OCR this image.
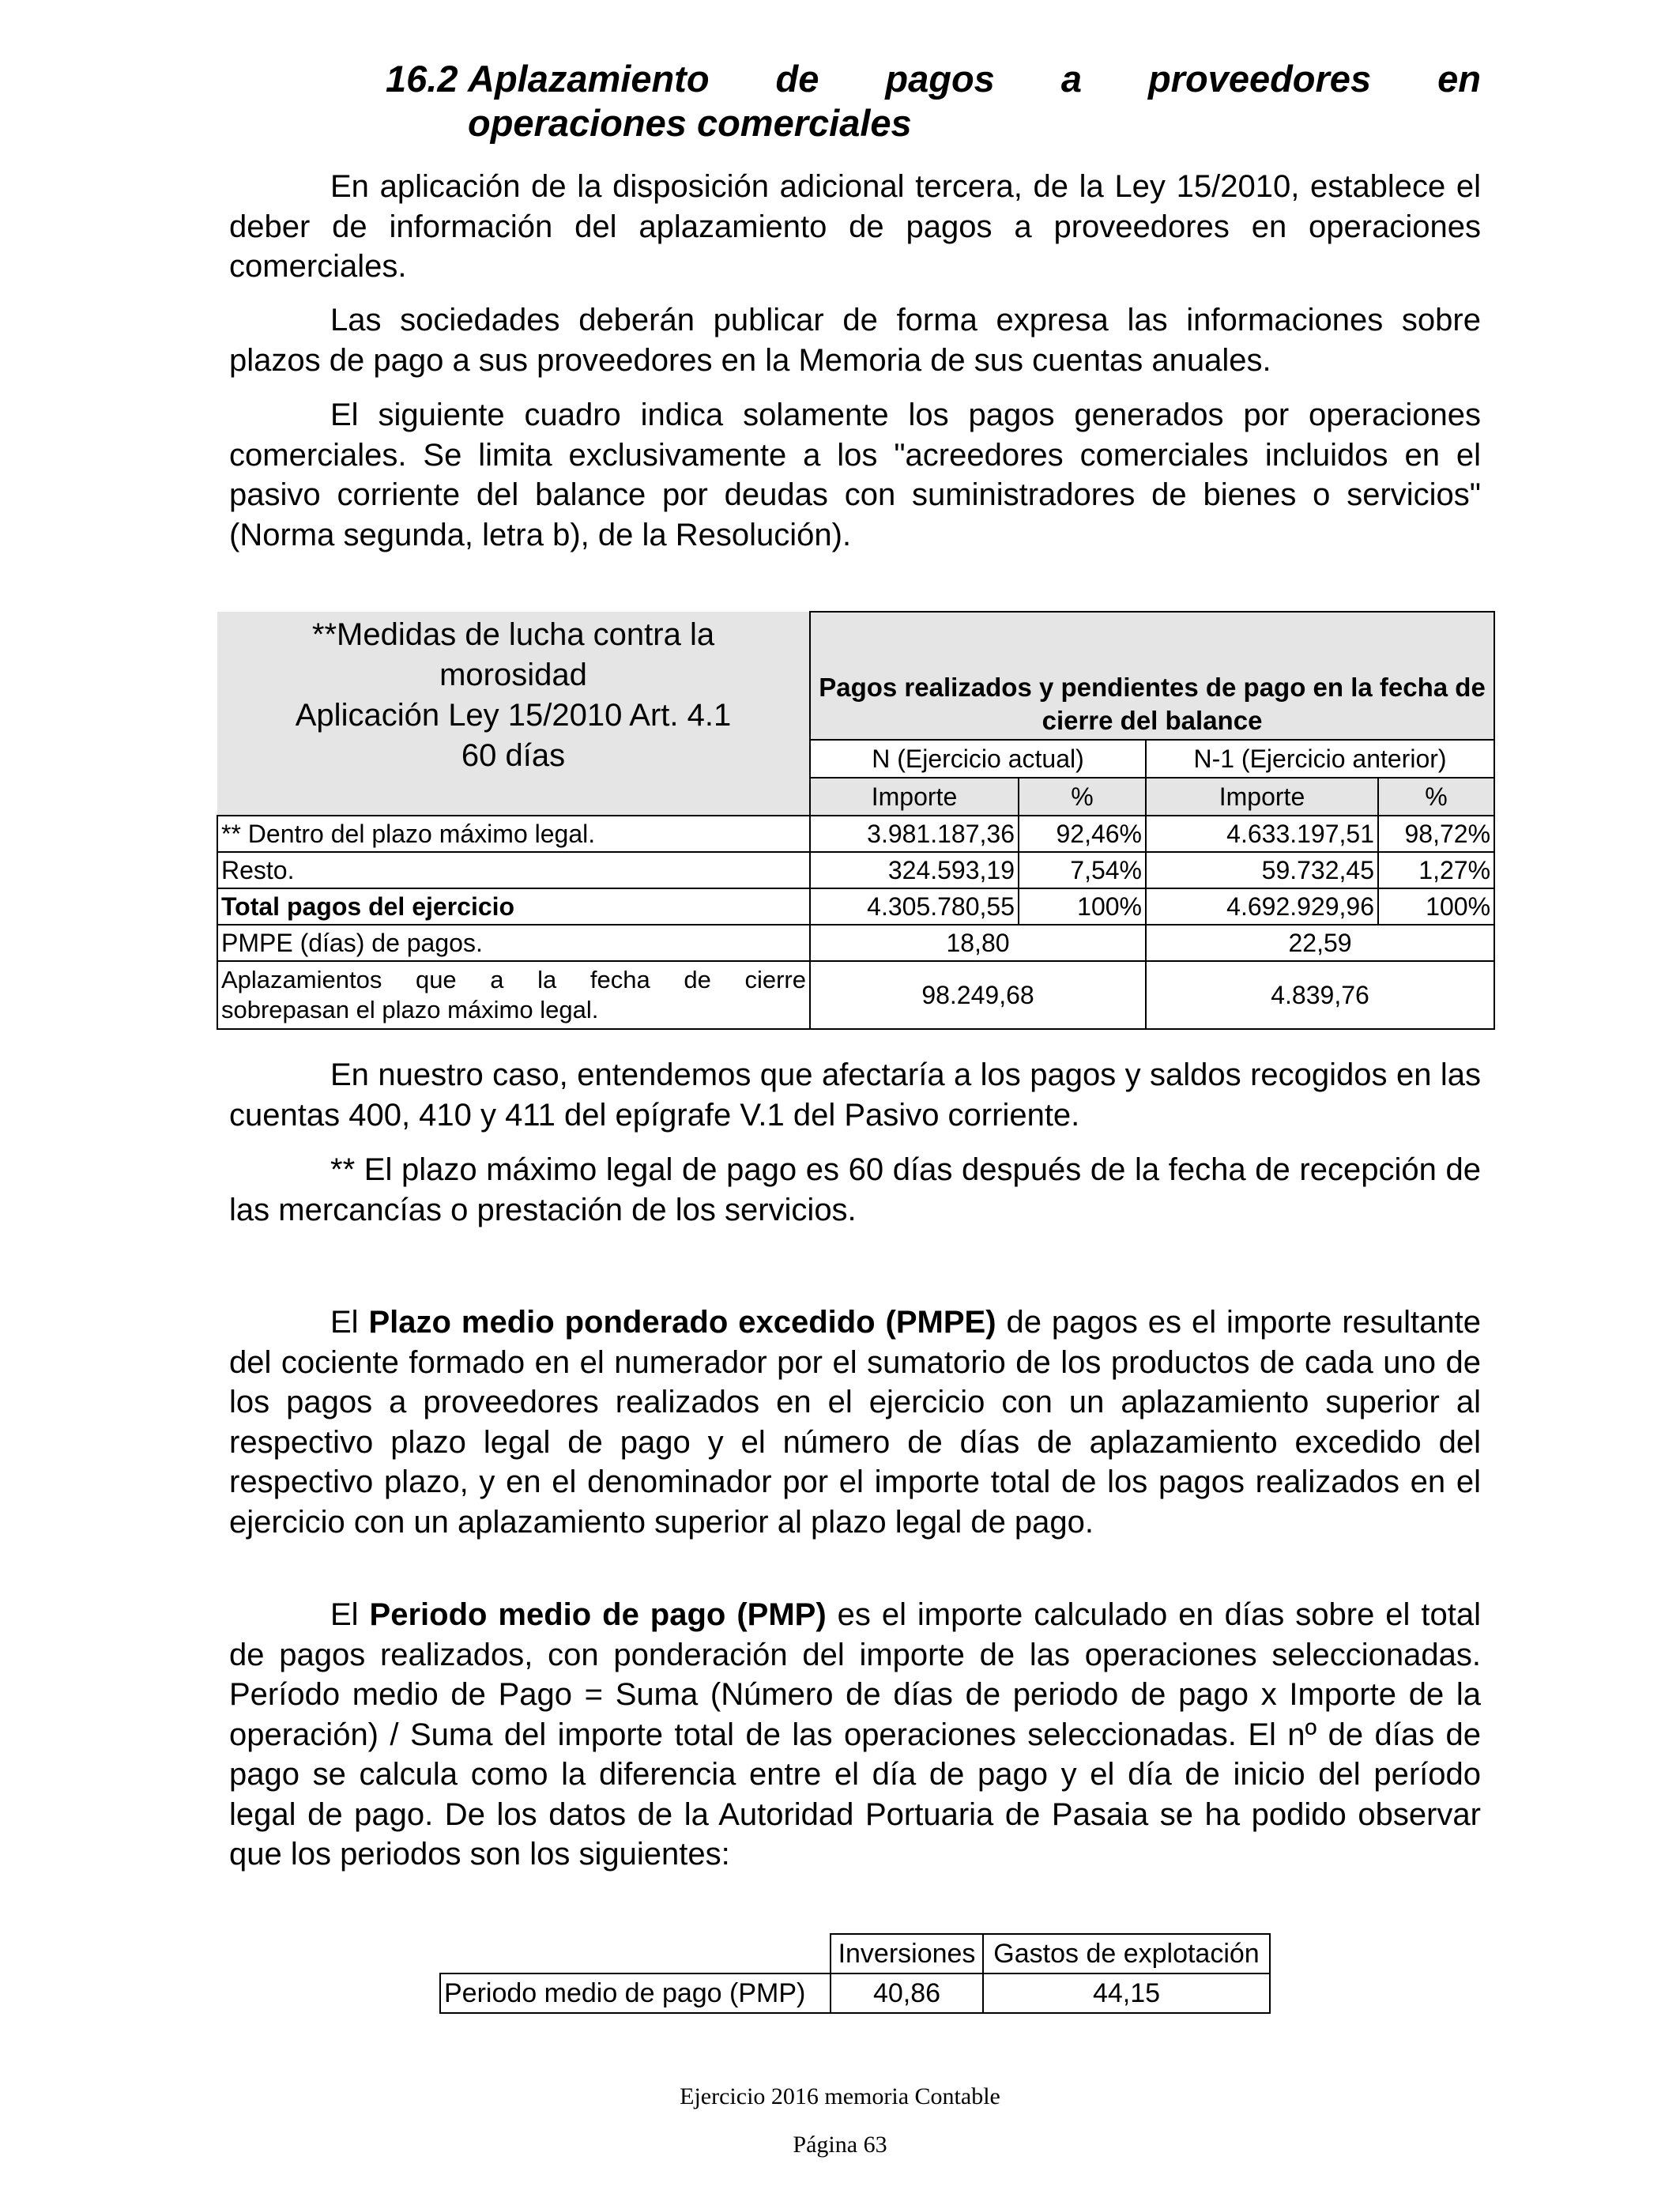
16.2 Aplazamiento de pagos a proveedores en
operaciones comerciales
En aplicación de la disposición adicional tercera, de la Ley 15/2010, establece el deber de información del aplazamiento de pagos a proveedores en operaciones comerciales.
Las sociedades deberán publicar de forma expresa las informaciones sobre plazos de pago a sus proveedores en la Memoria de sus cuentas anuales.
El siguiente cuadro indica solamente los pagos generados por operaciones comerciales. Se limita exclusivamente a los "acreedores comerciales incluidos en el pasivo corriente del balance por deudas con suministradores de bienes o servicios" (Norma segunda, letra b), de la Resolución).
**Medidas de lucha contra la
morosidad
Aplicación Ley 15/2010 Art. 4.1
60 días	Pagos realizados y pendientes de pago en la fecha de cierre del balance			
	N (Ejercicio actual)		N-1 (Ejercicio anterior)	
	Importe	%	Importe	%
** Dentro del plazo máximo legal.	3.981.187,36	92,46%	4.633.197,51	98,72%
Resto.	324.593,19	7,54%	59.732,45	1,27%
Total pagos del ejercicio	4.305.780,55	100%	4.692.929,96	100%
PMPE (días) de pagos.	18,80		22,59	

Aplazamientos que a la fecha de cierre
sobrepasan el plazo máximo legal.	98.249,68		4.839,76	
En nuestro caso, entendemos que afectaría a los pagos y saldos recogidos en las cuentas 400, 410 y 411 del epígrafe V.1 del Pasivo corriente.
** El plazo máximo legal de pago es 60 días después de la fecha de recepción de las mercancías o prestación de los servicios.
El Plazo medio ponderado excedido (PMPE) de pagos es el importe resultante del cociente formado en el numerador por el sumatorio de los productos de cada uno de los pagos a proveedores realizados en el ejercicio con un aplazamiento superior al respectivo plazo legal de pago y el número de días de aplazamiento excedido del respectivo plazo, y en el denominador por el importe total de los pagos realizados en el ejercicio con un aplazamiento superior al plazo legal de pago.
El Periodo medio de pago (PMP) es el importe calculado en días sobre el total de pagos realizados, con ponderación del importe de las operaciones seleccionadas. Período medio de Pago = Suma (Número de días de periodo de pago x Importe de la operación) / Suma del importe total de las operaciones seleccionadas. El nº de días de pago se calcula como la diferencia entre el día de pago y el día de inicio del período legal de pago. De los datos de la Autoridad Portuaria de Pasaia se ha podido observar que los periodos son los siguientes:
	Inversiones	Gastos de explotación
Periodo medio de pago (PMP)	40,86	44,15
Ejercicio 2016 memoria Contable
Página 63
